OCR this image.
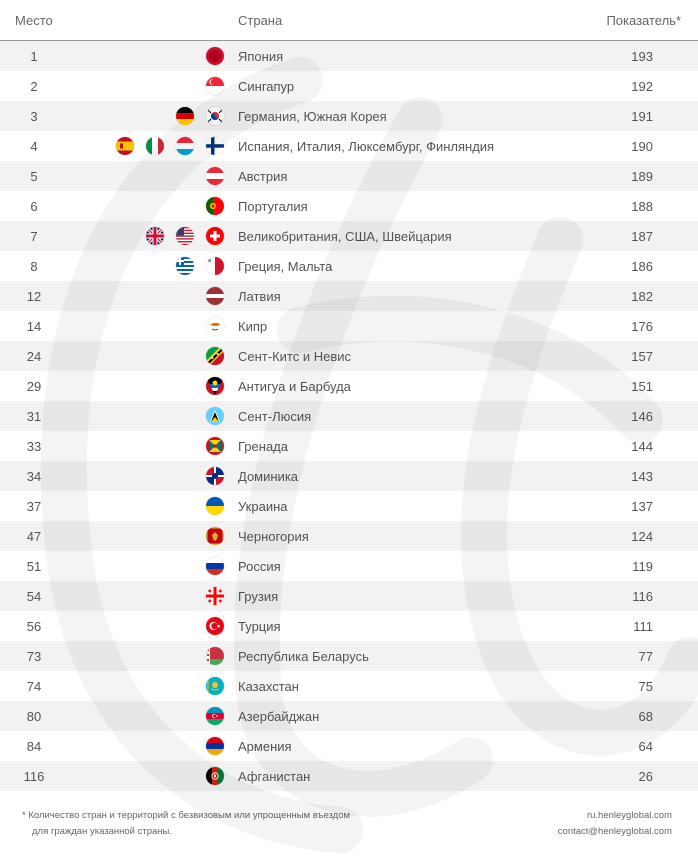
Место	Страна	Показатель*
1	Япония	193
2	Сингапур	192
3	Германия, Южная Корея	191
4	Испания, Италия, Люксембург, Финляндия	190
5	Австрия	189
6	Португалия	188
7	Великобритания, США, Швейцария	187
8	Греция, Мальта	186
12	Латвия	182
14	Кипр	176
24	Сент-Китс и Невис	157
29	Антигуа и Барбуда	151
31	Сент-Люсия	146
33	Гренада	144
34	Доминика	143
37	Украина	137
47	Черногория	124
51	Россия	119
54	Грузия	116
56	Турция	111
73	Республика Беларусь	77
74	Казахстан	75
80	Азербайджан	68
84	Армения	64
116	Афганистан	26
* Количество стран и территорий с безвизовым или упрощенным въездом
для граждан указанной страны.
ru.henleyglobal.com
contact@henleyglobal.com
